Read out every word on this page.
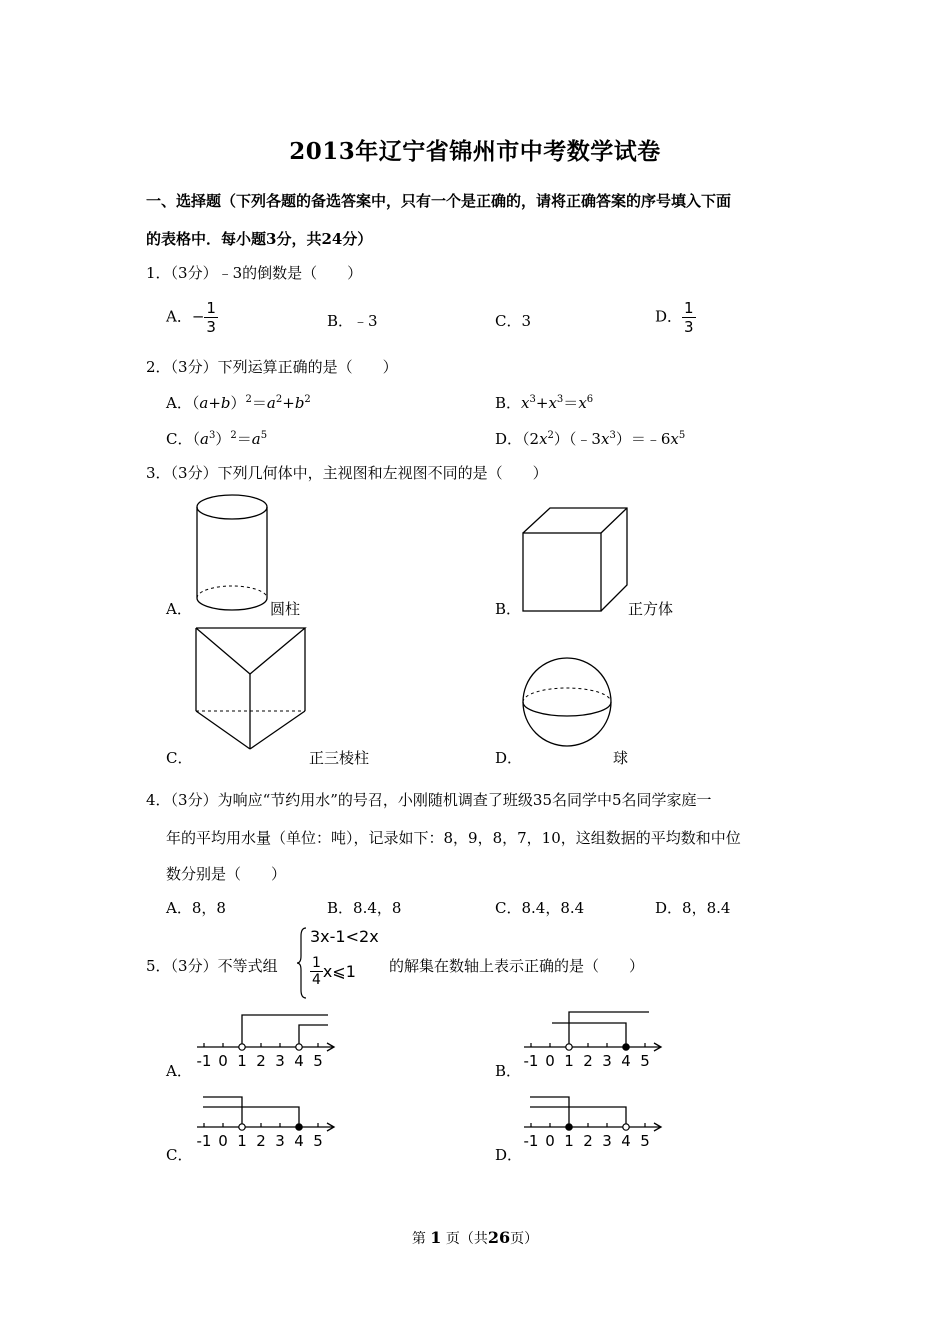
2013年辽宁省锦州市中考数学试卷
一、选择题（下列各题的备选答案中，只有一个是正确的，请将正确答案的序号填入下面
的表格中．每小题3分，共24分）
1．（3分）﹣3的倒数是（　　）
A．− $\frac{1}{3}$	B．﹣3	C．3	D． $\frac{1}{3}$
2．（3分）下列运算正确的是（　　）
A．$(a+b)^2=a^2+b^2$	B．$x^3+x^3=x^6$
C．$(a^3)^2=a^5$	D．$(2x^2)(﹣3x^3)=﹣6x^5$
3．（3分）下列几何体中，主视图和左视图不同的是（　　）
A．	圆柱	B．	正方体
C．	正三棱柱	D．	球
4．（3分）为响应“节约用水”的号召，小刚随机调查了班级35名同学中5名同学家庭一
年的平均用水量（单位：吨），记录如下：8，9，8，7，10，这组数据的平均数和中位
数分别是（　　）
A．8，8	B．8.4，8	C．8.4，8.4	D．8，8.4
5．（3分）不等式组
3x-1<2x
$\frac{1}{4}$ x⩽1 的解集在数轴上表示正确的是（　　）
-1 0 1 2 3 4 5
A．
-1 0 1 2 3 4 5
B．
-1 0 1 2 3 4 5
C．
-1 0 1 2 3 4 5
D．
第 1 页（共26页）
